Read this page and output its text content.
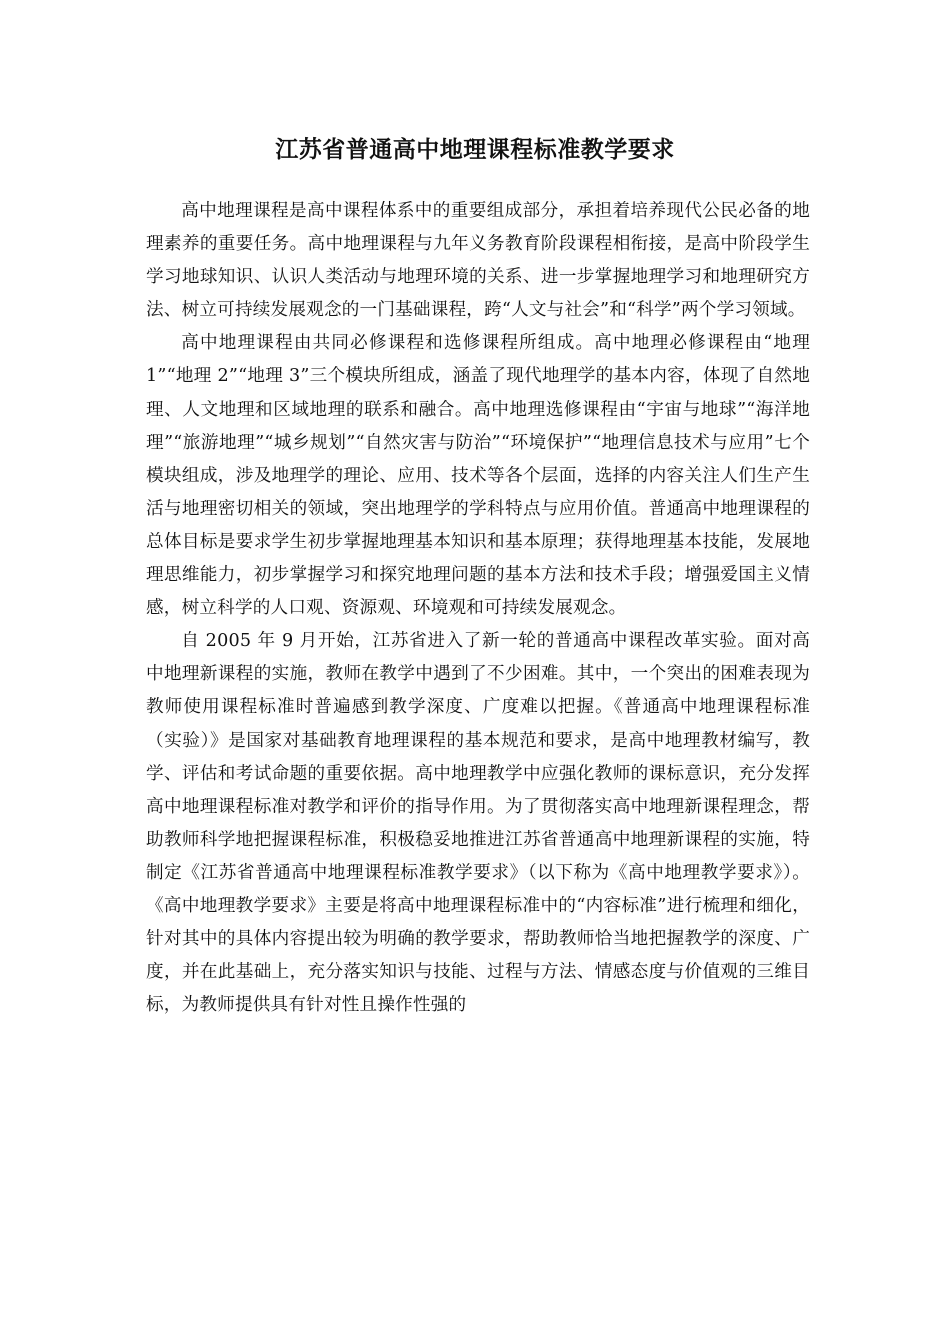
江苏省普通高中地理课程标准教学要求

高中地理课程是高中课程体系中的重要组成部分，承担着培养现代公民必备的地理素养的重要任务。高中地理课程与九年义务教育阶段课程相衔接，是高中阶段学生学习地球知识、认识人类活动与地理环境的关系、进一步掌握地理学习和地理研究方法、树立可持续发展观念的一门基础课程，跨“人文与社会”和“科学”两个学习领域。

高中地理课程由共同必修课程和选修课程所组成。高中地理必修课程由“地理 1”“地理 2”“地理 3”三个模块所组成，涵盖了现代地理学的基本内容，体现了自然地理、人文地理和区域地理的联系和融合。高中地理选修课程由“宇宙与地球”“海洋地理”“旅游地理”“城乡规划”“自然灾害与防治”“环境保护”“地理信息技术与应用”七个模块组成，涉及地理学的理论、应用、技术等各个层面，选择的内容关注人们生产生活与地理密切相关的领域，突出地理学的学科特点与应用价值。普通高中地理课程的总体目标是要求学生初步掌握地理基本知识和基本原理；获得地理基本技能，发展地理思维能力，初步掌握学习和探究地理问题的基本方法和技术手段；增强爱国主义情感，树立科学的人口观、资源观、环境观和可持续发展观念。

自 2005 年 9 月开始，江苏省进入了新一轮的普通高中课程改革实验。面对高中地理新课程的实施，教师在教学中遇到了不少困难。其中，一个突出的困难表现为教师使用课程标准时普遍感到教学深度、广度难以把握。《普通高中地理课程标准（实验）》是国家对基础教育地理课程的基本规范和要求，是高中地理教材编写，教学、评估和考试命题的重要依据。高中地理教学中应强化教师的课标意识，充分发挥高中地理课程标准对教学和评价的指导作用。为了贯彻落实高中地理新课程理念，帮助教师科学地把握课程标准，积极稳妥地推进江苏省普通高中地理新课程的实施，特制定《江苏省普通高中地理课程标准教学要求》（以下称为《高中地理教学要求》）。《高中地理教学要求》主要是将高中地理课程标准中的“内容标准”进行梳理和细化，针对其中的具体内容提出较为明确的教学要求，帮助教师恰当地把握教学的深度、广度，并在此基础上，充分落实知识与技能、过程与方法、情感态度与价值观的三维目标，为教师提供具有针对性且操作性强的
